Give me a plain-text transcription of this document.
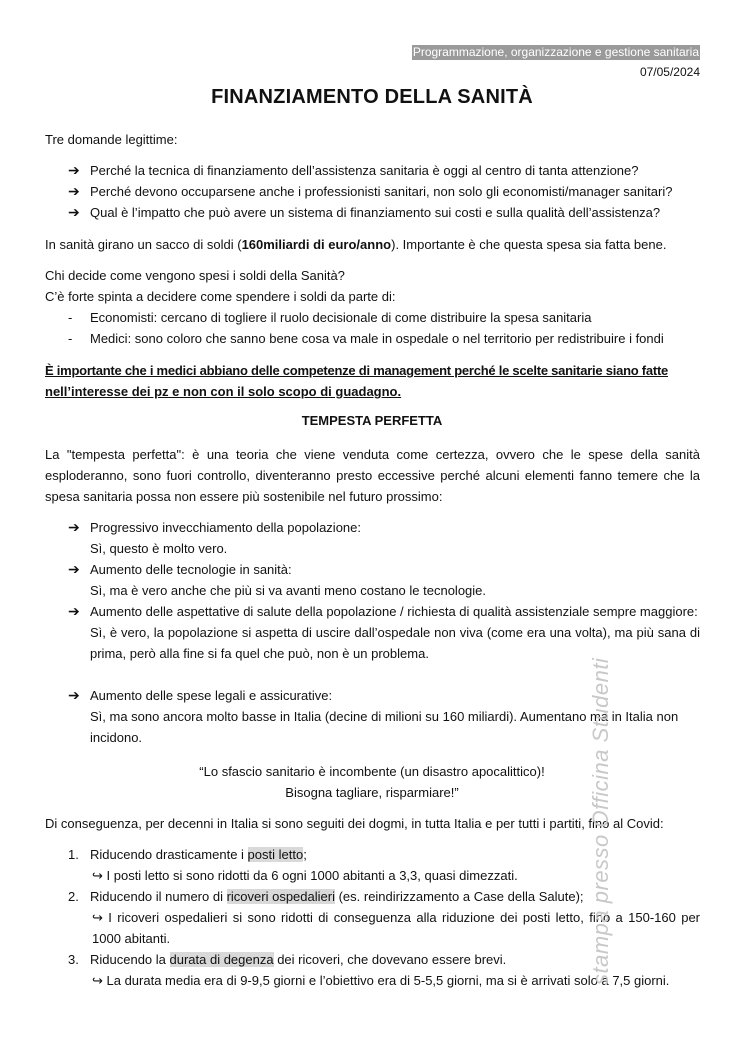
Programmazione, organizzazione e gestione sanitaria
07/05/2024
FINANZIAMENTO DELLA SANITÀ
Tre domande legittime:
➔ Perché la tecnica di finanziamento dell’assistenza sanitaria è oggi al centro di tanta attenzione?
➔ Perché devono occuparsene anche i professionisti sanitari, non solo gli economisti/manager sanitari?
➔ Qual è l’impatto che può avere un sistema di finanziamento sui costi e sulla qualità dell’assistenza?
In sanità girano un sacco di soldi (160miliardi di euro/anno). Importante è che questa spesa sia fatta bene.
Chi decide come vengono spesi i soldi della Sanità?
C’è forte spinta a decidere come spendere i soldi da parte di:
- Economisti: cercano di togliere il ruolo decisionale di come distribuire la spesa sanitaria
- Medici: sono coloro che sanno bene cosa va male in ospedale o nel territorio per redistribuire i fondi
È importante che i medici abbiano delle competenze di management perché le scelte sanitarie siano fatte
nell’interesse dei pz e non con il solo scopo di guadagno.
TEMPESTA PERFETTA
La "tempesta perfetta": è una teoria che viene venduta come certezza, ovvero che le spese della sanità esploderanno, sono fuori controllo, diventeranno presto eccessive perché alcuni elementi fanno temere che la spesa sanitaria possa non essere più sostenibile nel futuro prossimo:
➔ Progressivo invecchiamento della popolazione:
Sì, questo è molto vero.
➔ Aumento delle tecnologie in sanità:
Sì, ma è vero anche che più si va avanti meno costano le tecnologie.
➔ Aumento delle aspettative di salute della popolazione / richiesta di qualità assistenziale sempre maggiore:
Sì, è vero, la popolazione si aspetta di uscire dall’ospedale non viva (come era una volta), ma più sana di prima, però alla fine si fa quel che può, non è un problema.
➔ Aumento delle spese legali e assicurative:
Sì, ma sono ancora molto basse in Italia (decine di milioni su 160 miliardi). Aumentano ma in Italia non incidono.
“Lo sfascio sanitario è incombente (un disastro apocalittico)!
Bisogna tagliare, risparmiare!”
Di conseguenza, per decenni in Italia si sono seguiti dei dogmi, in tutta Italia e per tutti i partiti, fino al Covid:
1. Riducendo drasticamente i posti letto;
↪ I posti letto si sono ridotti da 6 ogni 1000 abitanti a 3,3, quasi dimezzati.
2. Riducendo il numero di ricoveri ospedalieri (es. reindirizzamento a Case della Salute);
↪ I ricoveri ospedalieri si sono ridotti di conseguenza alla riduzione dei posti letto, fino a 150-160 per 1000 abitanti.
3. Riducendo la durata di degenza dei ricoveri, che dovevano essere brevi.
↪ La durata media era di 9-9,5 giorni e l’obiettivo era di 5-5,5 giorni, ma si è arrivati solo a 7,5 giorni.
stampa presso Officina Studenti
